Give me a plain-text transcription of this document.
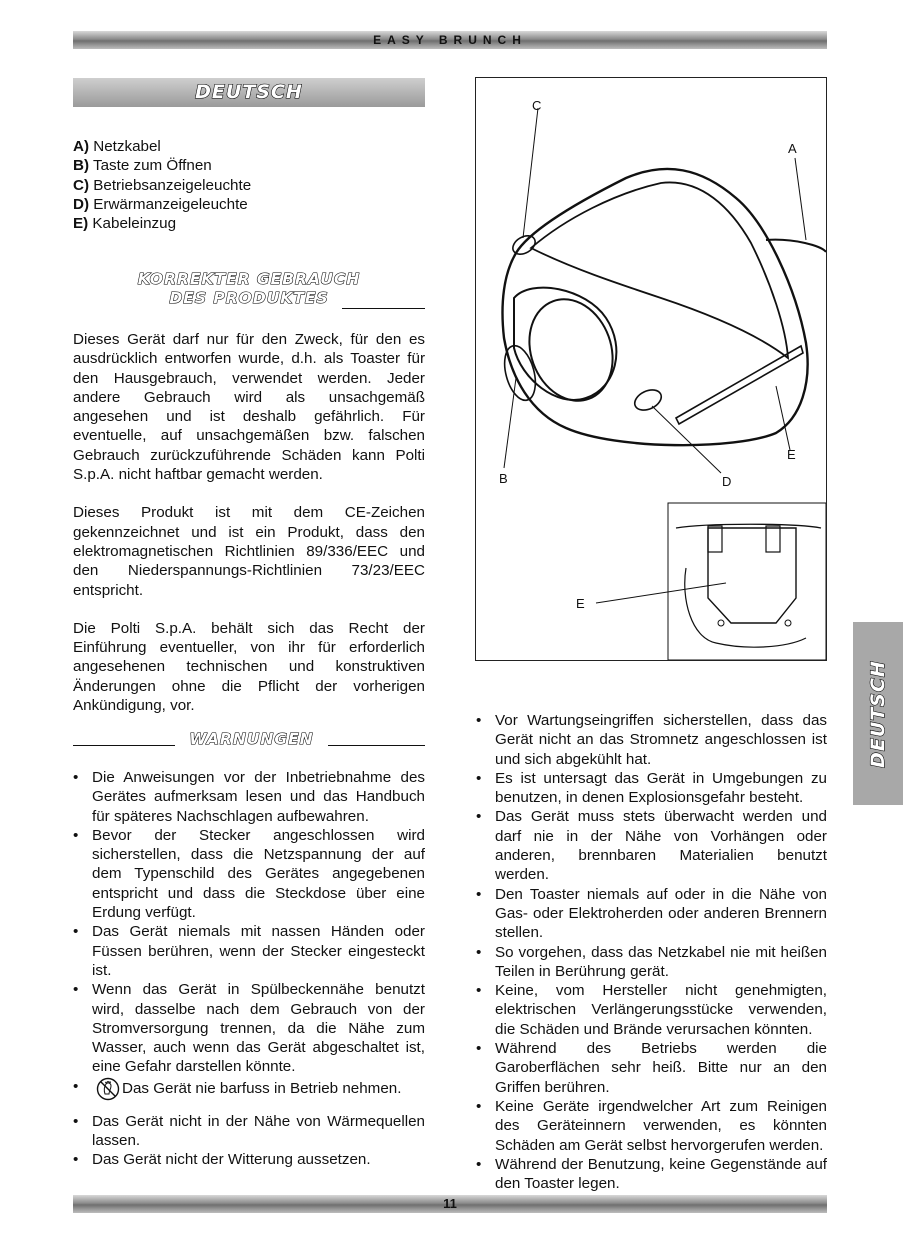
EASY BRUNCH
DEUTSCH
A) Netzkabel
B) Taste zum Öffnen
C) Betriebsanzeigeleuchte
D) Erwärmanzeigeleuchte
E) Kabeleinzug
KORREKTER GEBRAUCH
DES PRODUKTES

Dieses Gerät darf nur für den Zweck, für den es ausdrücklich entworfen wurde, d.h. als Toaster für den Hausgebrauch, verwendet werden. Jeder andere Gebrauch wird als unsachgemäß angesehen und ist deshalb gefährlich. Für eventuelle, auf unsachgemäßen bzw. falschen Gebrauch zurückzuführende Schäden kann Polti S.p.A. nicht haftbar gemacht werden.

Dieses Produkt ist mit dem CE-Zeichen gekennzeichnet und ist ein Produkt, dass den elektromagnetischen Richtlinien 89/336/EEC und den Niederspannungs-Richtlinien 73/23/EEC entspricht.

Die Polti S.p.A. behält sich das Recht der Einführung eventueller, von ihr für erforderlich angesehenen technischen und konstruktiven Änderungen ohne die Pflicht der vorherigen Ankündigung, vor.

WARNUNGEN
• Die Anweisungen vor der Inbetriebnahme des Gerätes aufmerksam lesen und das Handbuch für späteres Nachschlagen aufbewahren.
• Bevor der Stecker angeschlossen wird sicherstellen, dass die Netzspannung der auf dem Typenschild des Gerätes angegebenen entspricht und dass die Steckdose über eine Erdung verfügt.
• Das Gerät niemals mit nassen Händen oder Füssen berühren, wenn der Stecker eingesteckt ist.
• Wenn das Gerät in Spülbeckennähe benutzt wird, dasselbe nach dem Gebrauch von der Stromversorgung trennen, da die Nähe zum Wasser, auch wenn das Gerät abgeschaltet ist, eine Gefahr darstellen könnte.
• Das Gerät nie barfuss in Betrieb nehmen.
• Das Gerät nicht in der Nähe von Wärmequellen lassen.
• Das Gerät nicht der Witterung aussetzen.
• Vor Wartungseingriffen sicherstellen, dass das Gerät nicht an das Stromnetz angeschlossen ist und sich abgekühlt hat.
• Es ist untersagt das Gerät in Umgebungen zu benutzen, in denen Explosionsgefahr besteht.
• Das Gerät muss stets überwacht werden und darf nie in der Nähe von Vorhängen oder anderen, brennbaren Materialien benutzt werden.
• Den Toaster niemals auf oder in die Nähe von Gas- oder Elektroherden oder anderen Brennern stellen.
• So vorgehen, dass das Netzkabel nie mit heißen Teilen in Berührung gerät.
• Keine, vom Hersteller nicht genehmigten, elektrischen Verlängerungsstücke verwenden, die Schäden und Brände verursachen könnten.
• Während des Betriebs werden die Garoberflächen sehr heiß. Bitte nur an den Griffen berühren.
• Keine Geräte irgendwelcher Art zum Reinigen des Geräteinnern verwenden, es könnten Schäden am Gerät selbst hervorgerufen werden.
• Während der Benutzung, keine Gegenstände auf den Toaster legen.
C
A
E
B	D
E
DEUTSCH
11
